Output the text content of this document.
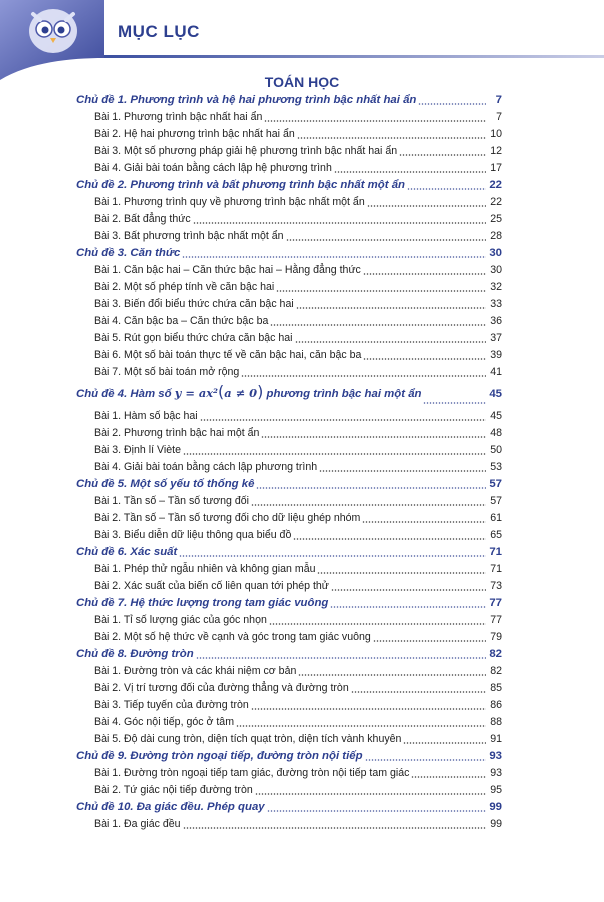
MỤC LỤC
TOÁN HỌC
Chủ đề 1. Phương trình và hệ hai phương trình bậc nhất hai ẩn	7
Bài 1. Phương trình bậc nhất hai ẩn	7
Bài 2. Hệ hai phương trình bậc nhất hai ẩn	10
Bài 3. Một số phương pháp giải hệ phương trình bậc nhất hai ẩn	12
Bài 4. Giải bài toán bằng cách lập hệ phương trình	17
Chủ đề 2. Phương trình và bất phương trình bậc nhất một ẩn	22
Bài 1. Phương trình quy về phương trình bậc nhất một ẩn	22
Bài 2. Bất đẳng thức	25
Bài 3. Bất phương trình bậc nhất một ẩn	28
Chủ đề 3. Căn thức	30
Bài 1. Căn bậc hai – Căn thức bậc hai – Hằng đẳng thức	30
Bài 2. Một số phép tính về căn bậc hai	32
Bài 3. Biến đổi biểu thức chứa căn bậc hai	33
Bài 4. Căn bậc ba – Căn thức bậc ba	36
Bài 5. Rút gọn biểu thức chứa căn bậc hai	37
Bài 6. Một số bài toán thực tế về căn bậc hai, căn bậc ba	39
Bài 7. Một số bài toán mở rộng	41
Chủ đề 4. Hàm số y = ax²(a ≠ 0) phương trình bậc hai một ẩn	45
Bài 1. Hàm số bậc hai	45
Bài 2. Phương trình bậc hai một ẩn	48
Bài 3. Định lí Viète	50
Bài 4. Giải bài toán bằng cách lập phương trình	53
Chủ đề 5. Một số yếu tố thống kê	57
Bài 1. Tần số – Tần số tương đối	57
Bài 2. Tần số – Tần số tương đối cho dữ liệu ghép nhóm	61
Bài 3. Biểu diễn dữ liệu thông qua biểu đồ	65
Chủ đề 6. Xác suất	71
Bài 1. Phép thử ngẫu nhiên và không gian mẫu	71
Bài 2. Xác suất của biến cố liên quan tới phép thử	73
Chủ đề 7. Hệ thức lượng trong tam giác vuông	77
Bài 1. Tỉ số lượng giác của góc nhọn	77
Bài 2. Một số hệ thức về cạnh và góc trong tam giác vuông	79
Chủ đề 8. Đường tròn	82
Bài 1. Đường tròn và các khái niệm cơ bản	82
Bài 2. Vị trí tương đối của đường thẳng và đường tròn	85
Bài 3. Tiếp tuyến của đường tròn	86
Bài 4. Góc nội tiếp, góc ở tâm	88
Bài 5. Độ dài cung tròn, diện tích quạt tròn, diện tích vành khuyên	91
Chủ đề 9. Đường tròn ngoại tiếp, đường tròn nội tiếp	93
Bài 1. Đường tròn ngoại tiếp tam giác, đường tròn nội tiếp tam giác	93
Bài 2. Tứ giác nội tiếp đường tròn	95
Chủ đề 10. Đa giác đều. Phép quay	99
Bài 1. Đa giác đều	99
